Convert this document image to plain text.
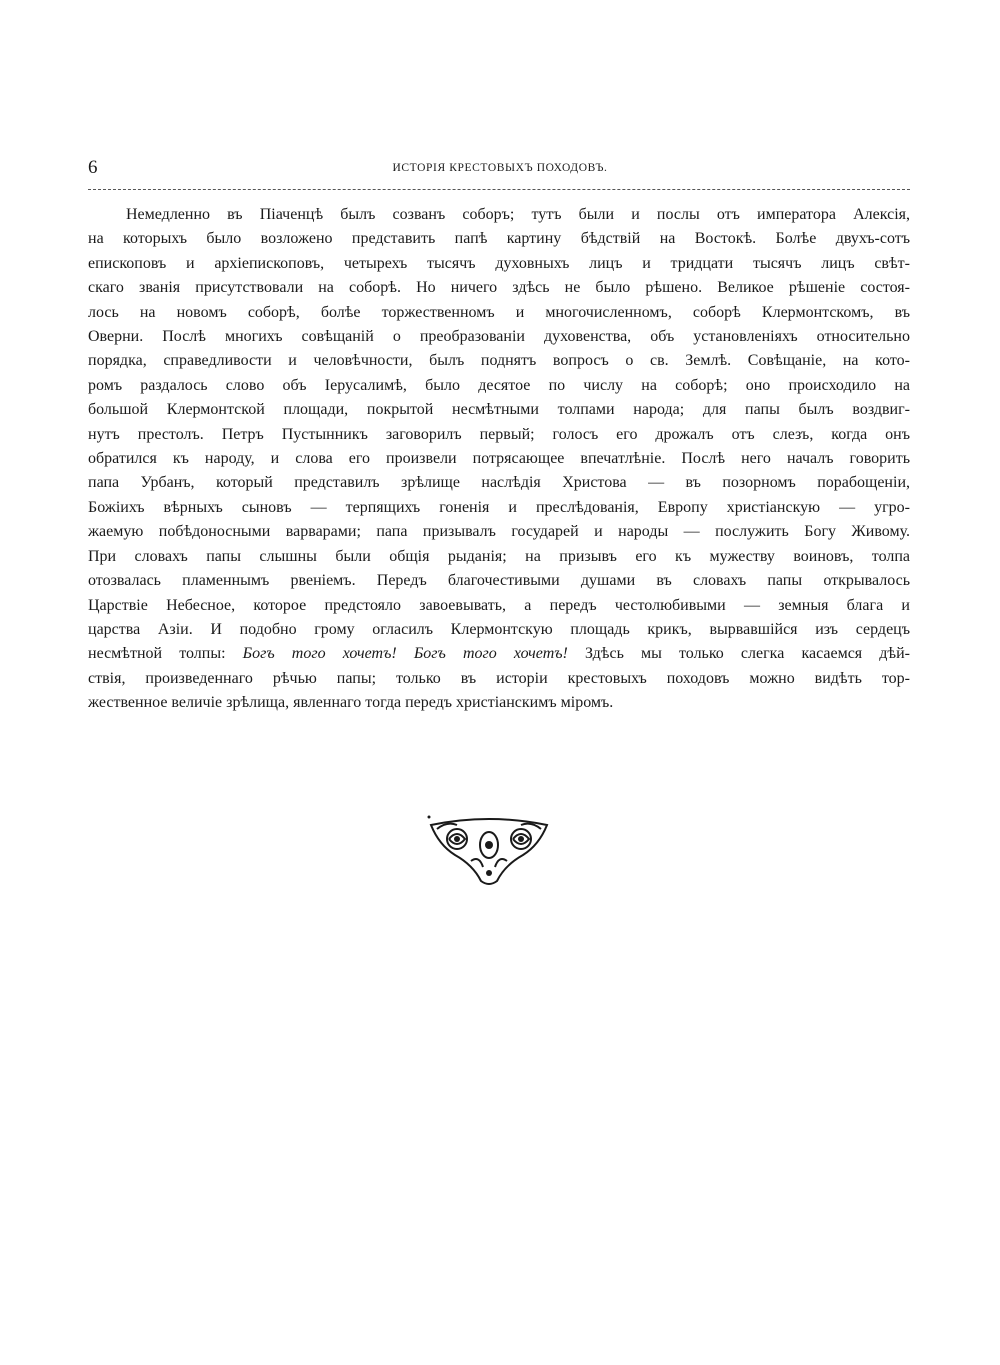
6	ИСТОРІЯ КРЕСТОВЫХЪ ПОХОДОВЪ.
Немедленно въ Піаченцѣ былъ созванъ соборъ; тутъ были и послы отъ императора Алексія,
на которыхъ было возложено представить папѣ картину бѣдствій на Востокѣ. Болѣе двухъ-сотъ
епископовъ и архіепископовъ, четырехъ тысячъ духовныхъ лицъ и тридцати тысячъ лицъ свѣт-
скаго званія присутствовали на соборѣ. Но ничего здѣсь не было рѣшено. Великое рѣшеніе состоя-
лось на новомъ соборѣ, болѣе торжественномъ и многочисленномъ, соборѣ Клермонтскомъ, въ
Оверни. Послѣ многихъ совѣщаній о преобразованіи духовенства, объ установленіяхъ относительно
порядка, справедливости и человѣчности, былъ поднятъ вопросъ о св. Землѣ. Совѣщаніе, на кото-
ромъ раздалось слово объ Іерусалимѣ, было десятое по числу на соборѣ; оно происходило на
большой Клермонтской площади, покрытой несмѣтными толпами народа; для папы былъ воздвиг-
нутъ престолъ. Петръ Пустынникъ заговорилъ первый; голосъ его дрожалъ отъ слезъ, когда онъ
обратился къ народу, и слова его произвели потрясающее впечатлѣніе. Послѣ него началъ говорить
папа Урбанъ, который представилъ зрѣлище наслѣдія Христова — въ позорномъ порабощеніи,
Божіихъ вѣрныхъ сыновъ — терпящихъ гоненія и преслѣдованія, Европу христіанскую — угро-
жаемую побѣдоносными варварами; папа призывалъ государей и народы — послужить Богу Живому.
При словахъ папы слышны были общія рыданія; на призывъ его къ мужеству воиновъ, толпа
отозвалась пламеннымъ рвеніемъ. Передъ благочестивыми душами въ словахъ папы открывалось
Царствіе Небесное, которое предстояло завоевывать, а передъ честолюбивыми — земныя блага и
царства Азіи. И подобно грому огласилъ Клермонтскую площадь крикъ, вырвавшійся изъ сердецъ
несмѣтной толпы: Богъ того хочетъ! Богъ того хочетъ! Здѣсь мы только слегка касаемся дѣй-
ствія, произведеннаго рѣчью папы; только въ исторіи крестовыхъ походовъ можно видѣть тор-
жественное величіе зрѣлища, явленнаго тогда передъ христіанскимъ міромъ.
